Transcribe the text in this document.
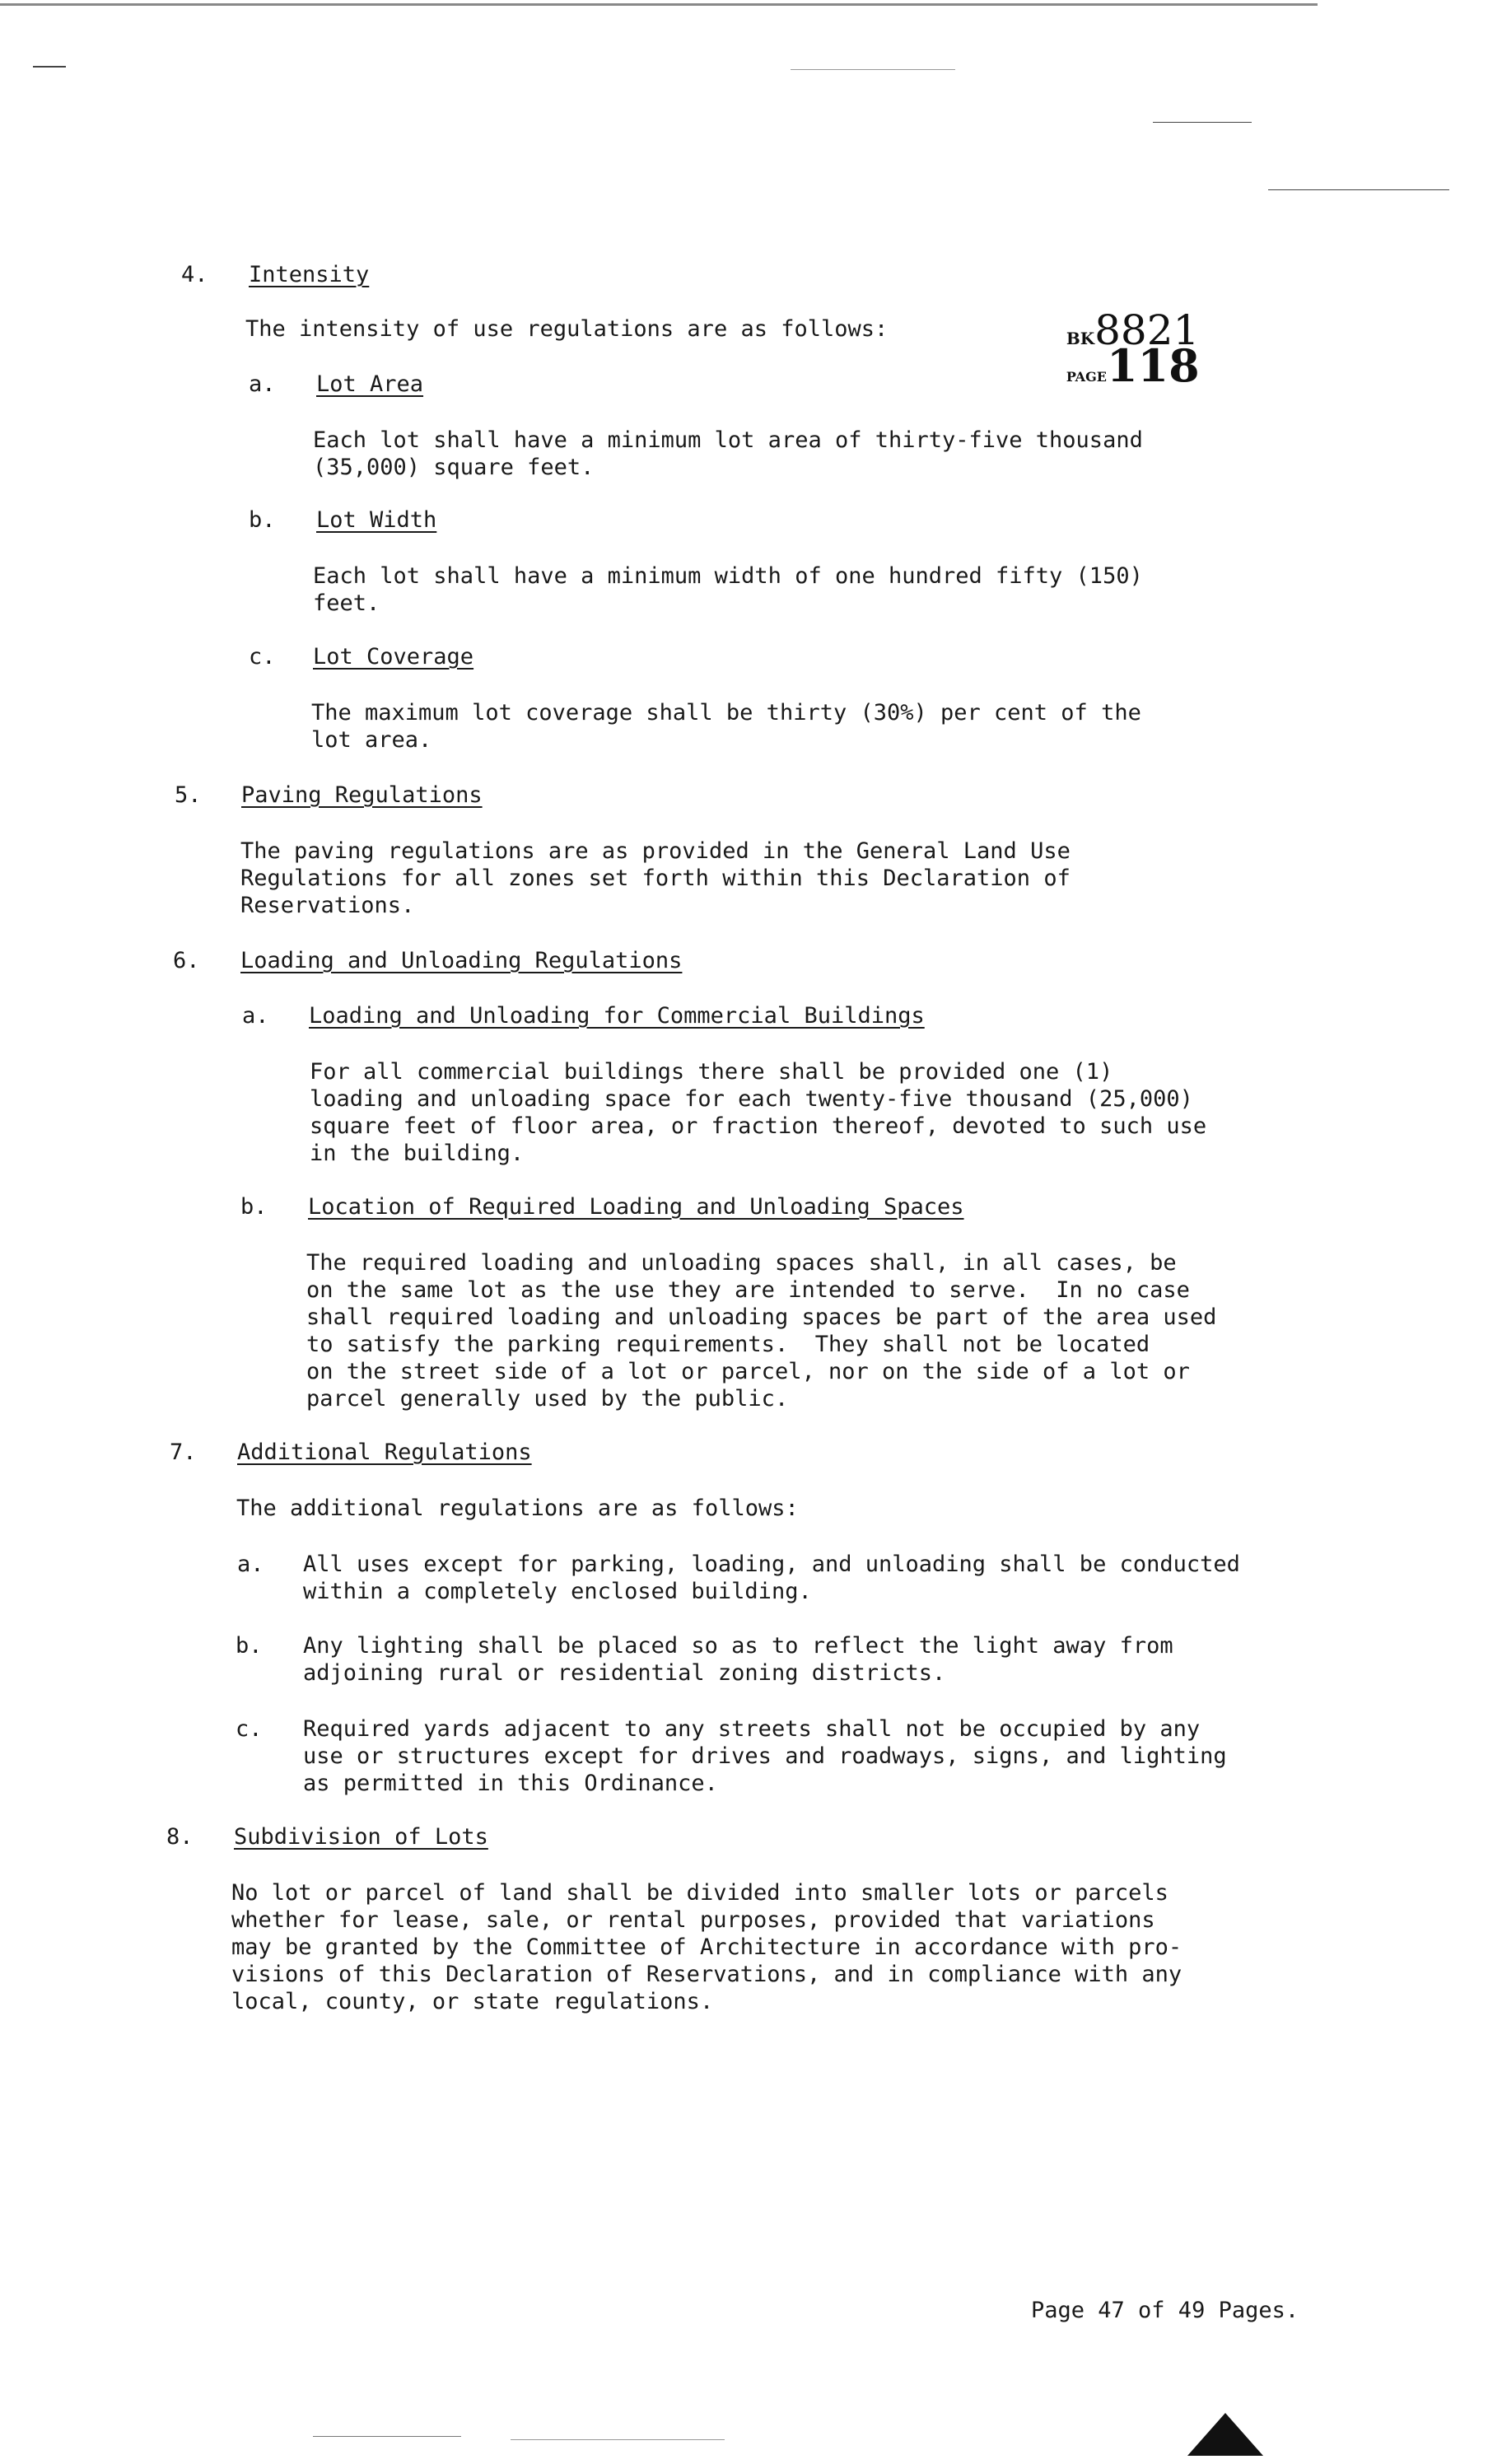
BK8821
PAGE118

4. Intensity
The intensity of use regulations are as follows:
a. Lot Area
Each lot shall have a minimum lot area of thirty-five thousand
(35,000) square feet.
b. Lot Width
Each lot shall have a minimum width of one hundred fifty (150)
feet.
c. Lot Coverage
The maximum lot coverage shall be thirty (30%) per cent of the
lot area.
5. Paving Regulations
The paving regulations are as provided in the General Land Use
Regulations for all zones set forth within this Declaration of
Reservations.
6. Loading and Unloading Regulations
a. Loading and Unloading for Commercial Buildings
For all commercial buildings there shall be provided one (1)
loading and unloading space for each twenty-five thousand (25,000)
square feet of floor area, or fraction thereof, devoted to such use
in the building.
b. Location of Required Loading and Unloading Spaces
The required loading and unloading spaces shall, in all cases, be
on the same lot as the use they are intended to serve.  In no case
shall required loading and unloading spaces be part of the area used
to satisfy the parking requirements.  They shall not be located
on the street side of a lot or parcel, nor on the side of a lot or
parcel generally used by the public.
7. Additional Regulations
The additional regulations are as follows:
a. All uses except for parking, loading, and unloading shall be conducted
within a completely enclosed building.
b. Any lighting shall be placed so as to reflect the light away from
adjoining rural or residential zoning districts.
c. Required yards adjacent to any streets shall not be occupied by any
use or structures except for drives and roadways, signs, and lighting
as permitted in this Ordinance.
8. Subdivision of Lots
No lot or parcel of land shall be divided into smaller lots or parcels
whether for lease, sale, or rental purposes, provided that variations
may be granted by the Committee of Architecture in accordance with pro-
visions of this Declaration of Reservations, and in compliance with any
local, county, or state regulations.
Page 47 of 49 Pages.
